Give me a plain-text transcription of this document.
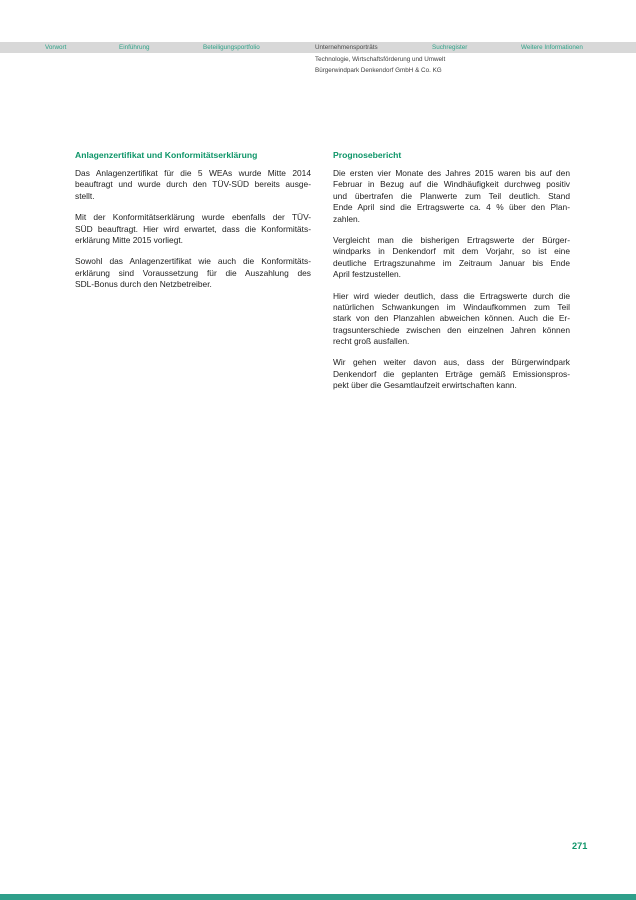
Vorwort	Einführung	Beteiligungsportfolio	Unternehmensporträts	Suchregister	Weitere Informationen
Technologie, Wirtschaftsförderung und Umwelt
Bürgerwindpark Denkendorf GmbH & Co. KG
Anlagenzertifikat und Konformitätserklärung
Das Anlagenzertifikat für die 5 WEAs wurde Mitte 2014
beauftragt und wurde durch den TÜV-SÜD bereits ausge-
stellt.
Mit der Konformitätserklärung wurde ebenfalls der TÜV-
SÜD beauftragt. Hier wird erwartet, dass die Konformitäts-
erklärung Mitte 2015 vorliegt.
Sowohl das Anlagenzertifikat wie auch die Konformitäts-
erklärung sind Voraussetzung für die Auszahlung des
SDL-Bonus durch den Netzbetreiber.
Prognosebericht
Die ersten vier Monate des Jahres 2015 waren bis auf den
Februar in Bezug auf die Windhäufigkeit durchweg positiv
und übertrafen die Planwerte zum Teil deutlich. Stand
Ende April sind die Ertragswerte ca. 4 % über den Plan-
zahlen.
Vergleicht man die bisherigen Ertragswerte der Bürger-
windparks in Denkendorf mit dem Vorjahr, so ist eine
deutliche Ertragszunahme im Zeitraum Januar bis Ende
April festzustellen.
Hier wird wieder deutlich, dass die Ertragswerte durch die
natürlichen Schwankungen im Windaufkommen zum Teil
stark von den Planzahlen abweichen können. Auch die Er-
tragsunterschiede zwischen den einzelnen Jahren können
recht groß ausfallen.
Wir gehen weiter davon aus, dass der Bürgerwindpark
Denkendorf die geplanten Erträge gemäß Emissionspros-
pekt über die Gesamtlaufzeit erwirtschaften kann.
271
